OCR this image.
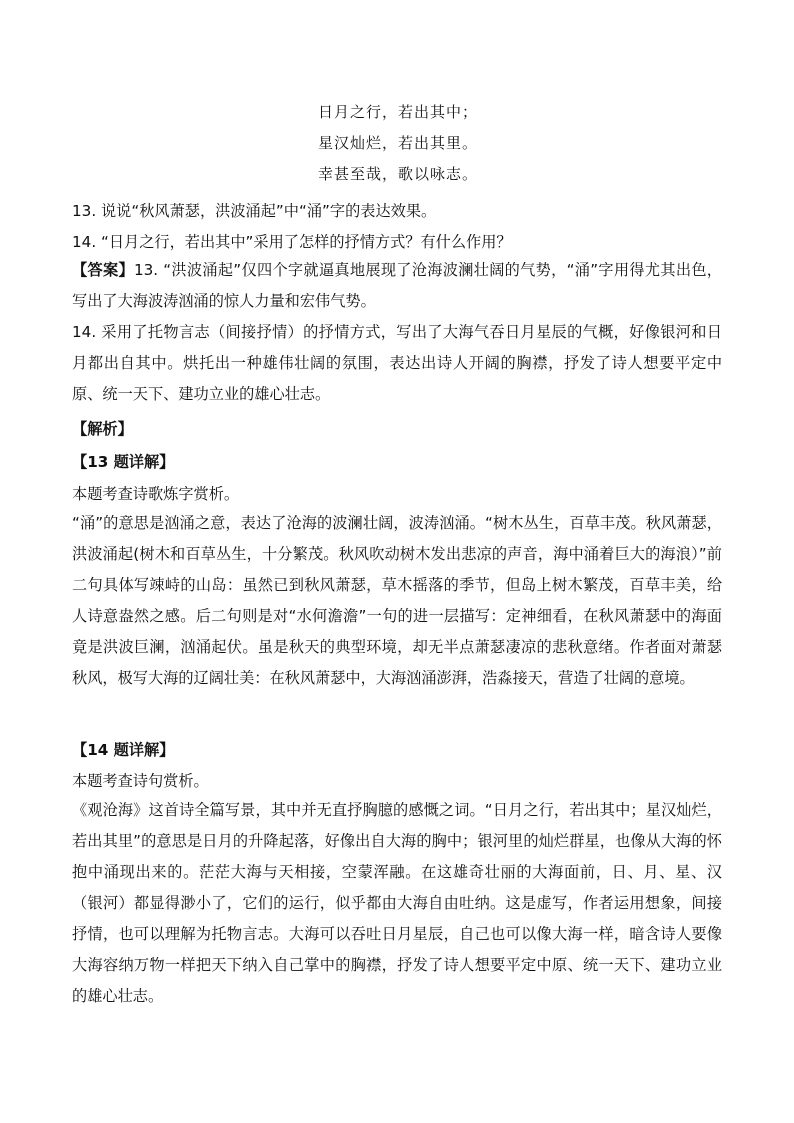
日月之行，若出其中；
星汉灿烂，若出其里。
幸甚至哉，歌以咏志。
13. 说说“秋风萧瑟，洪波涌起”中“涌”字的表达效果。
14. “日月之行，若出其中”采用了怎样的抒情方式？有什么作用？
【答案】13. “洪波涌起”仅四个字就逼真地展现了沧海波澜壮阔的气势，“涌”字用得尤其出色，写出了大海波涛汹涌的惊人力量和宏伟气势。
14. 采用了托物言志（间接抒情）的抒情方式，写出了大海气吞日月星辰的气概，好像银河和日月都出自其中。烘托出一种雄伟壮阔的氛围，表达出诗人开阔的胸襟，抒发了诗人想要平定中原、统一天下、建功立业的雄心壮志。
【解析】
【13 题详解】
本题考查诗歌炼字赏析。
“涌”的意思是汹涌之意，表达了沧海的波澜壮阔，波涛汹涌。“树木丛生，百草丰茂。秋风萧瑟，洪波涌起(树木和百草丛生，十分繁茂。秋风吹动树木发出悲凉的声音，海中涌着巨大的海浪）”前二句具体写竦峙的山岛：虽然已到秋风萧瑟，草木摇落的季节，但岛上树木繁茂，百草丰美，给人诗意盎然之感。后二句则是对“水何澹澹”一句的进一层描写：定神细看，在秋风萧瑟中的海面竟是洪波巨澜，汹涌起伏。虽是秋天的典型环境，却无半点萧瑟凄凉的悲秋意绪。作者面对萧瑟秋风，极写大海的辽阔壮美：在秋风萧瑟中，大海汹涌澎湃，浩淼接天，营造了壮阔的意境。
【14 题详解】
本题考查诗句赏析。
《观沧海》这首诗全篇写景，其中并无直抒胸臆的感慨之词。“日月之行，若出其中；星汉灿烂，若出其里”的意思是日月的升降起落，好像出自大海的胸中；银河里的灿烂群星，也像从大海的怀抱中涌现出来的。茫茫大海与天相接，空蒙浑融。在这雄奇壮丽的大海面前，日、月、星、汉（银河）都显得渺小了，它们的运行，似乎都由大海自由吐纳。这是虚写，作者运用想象，间接抒情，也可以理解为托物言志。大海可以吞吐日月星辰，自己也可以像大海一样，暗含诗人要像大海容纳万物一样把天下纳入自己掌中的胸襟，抒发了诗人想要平定中原、统一天下、建功立业的雄心壮志。
